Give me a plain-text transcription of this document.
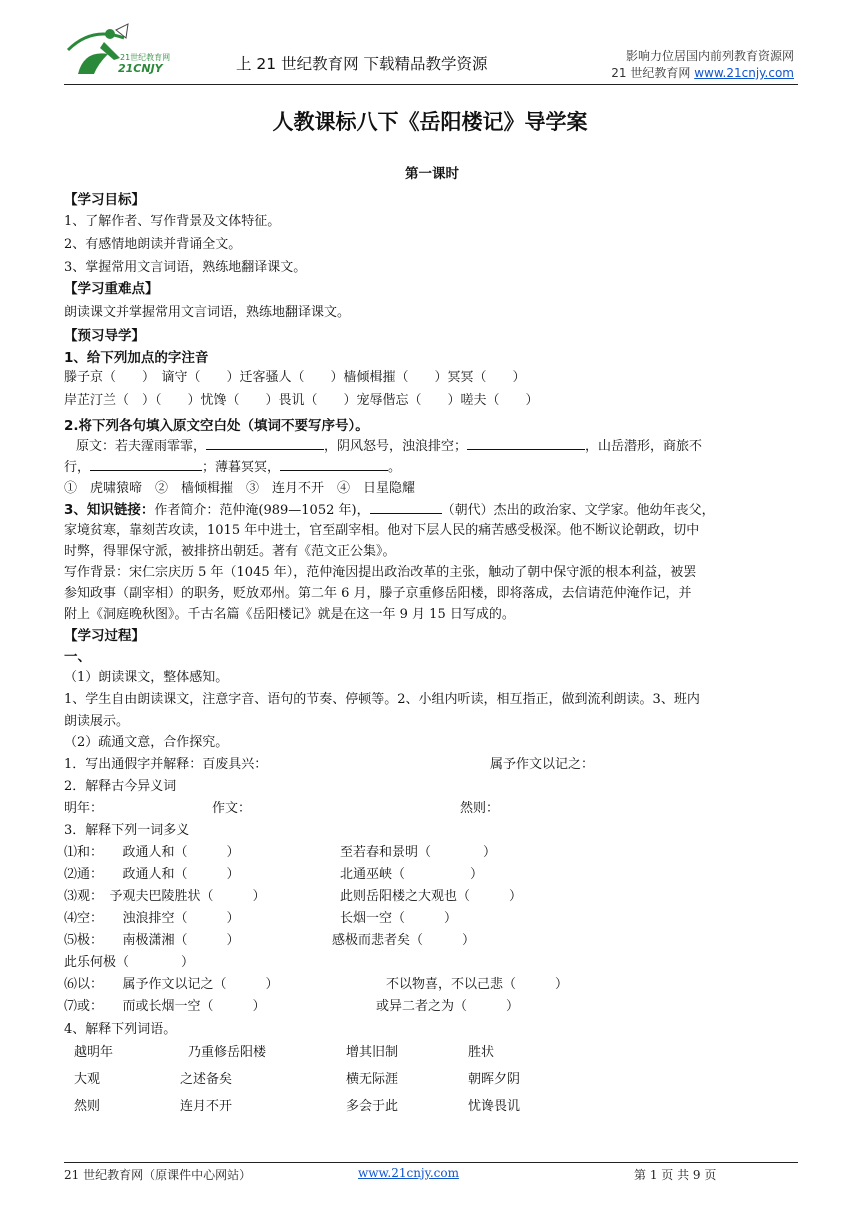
21世纪教育网
21CNJY	上 21 世纪教育网 下载精品教学资源	影响力位居国内前列教育资源网
21 世纪教育网 www.21cnjy.com
人教课标八下《岳阳楼记》导学案
第一课时
【学习目标】
1、了解作者、写作背景及文体特征。
2、有感情地朗读并背诵全文。
3、掌握常用文言词语，熟练地翻译课文。
【学习重难点】
朗读课文并掌握常用文言词语，熟练地翻译课文。
【预习导学】
1、给下列加点的字注音
滕子京（　　）　谪守（　　）迁客骚人（　　）樯倾楫摧（　　）冥冥（　　）
岸芷汀兰（　）（　　）忧馋（　　）畏讥（　　）宠辱偕忘（　　）嗟夫（　　）
2.将下列各句填入原文空白处（填词不要写序号）。
原文：若夫霪雨霏霏，	，阴风怒号，浊浪排空；	，山岳潜形，商旅不
行，	；薄暮冥冥，	。
①　虎啸猿啼　②　樯倾楫摧　③　连月不开　④　日星隐耀
3、知识链接：作者简介：范仲淹(989—1052 年)，	（朝代）杰出的政治家、文学家。他幼年丧父，
家境贫寒，靠刻苦攻读，1015 年中进士，官至副宰相。他对下层人民的痛苦感受极深。他不断议论朝政，切中
时弊，得罪保守派，被排挤出朝廷。著有《范文正公集》。
写作背景：宋仁宗庆历 5 年（1045 年），范仲淹因提出政治改革的主张，触动了朝中保守派的根本利益，被罢
参知政事（副宰相）的职务，贬放邓州。第二年 6 月，滕子京重修岳阳楼，即将落成，去信请范仲淹作记，并
附上《洞庭晚秋图》。千古名篇《岳阳楼记》就是在这一年 9 月 15 日写成的。
【学习过程】
一、
（1）朗读课文，整体感知。
1、学生自由朗读课文，注意字音、语句的节奏、停顿等。2、小组内听读，相互指正，做到流利朗读。3、班内
朗读展示。
（2）疏通文意，合作探究。
1．写出通假字并解释：百废具兴：	属予作文以记之：
2．解释古今异义词
明年：	作文：	然则：
3．解释下列一词多义
⑴和：　　政通人和（　　　）	至若春和景明（　　　　）
⑵通：　　政通人和（　　　）	北通巫峡（　　　　　）
⑶观：　予观夫巴陵胜状（　　　）	此则岳阳楼之大观也（　　　）
⑷空：　　浊浪排空（　　　）	长烟一空（　　　）
⑸极：　　南极潇湘（　　　）	感极而悲者矣（　　　）
此乐何极（　　　　）
⑹以：　　属予作文以记之（　　　）	不以物喜，不以己悲（　　　）
⑺或：　　而或长烟一空（　　　）	或异二者之为（　　　）
4、解释下列词语。
越明年	乃重修岳阳楼	增其旧制	胜状
大观	之述备矣	横无际涯	朝晖夕阴
然则	连月不开	多会于此	忧谗畏讥
21 世纪教育网（原课件中心网站）	www.21cnjy.com	第 1 页 共 9 页
